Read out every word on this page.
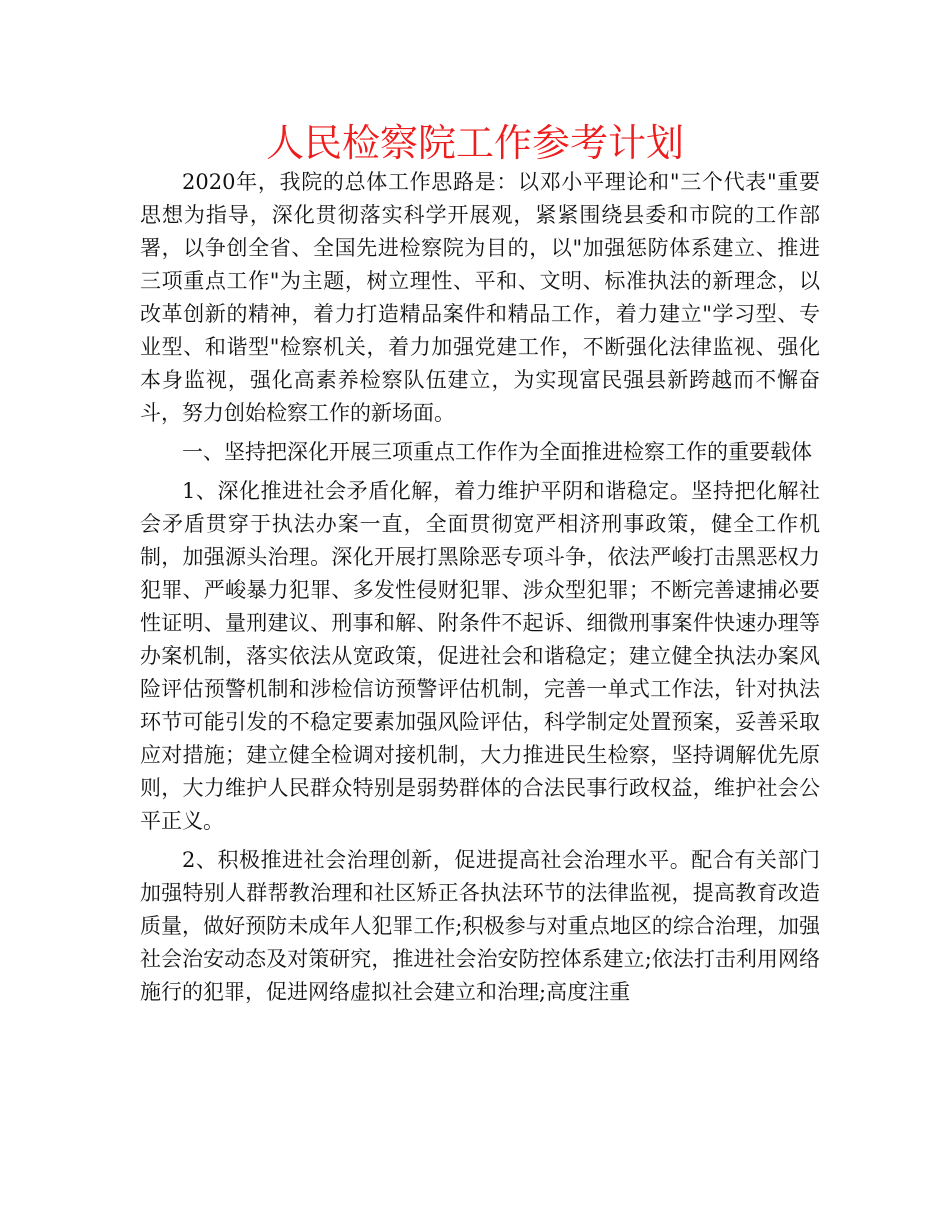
人民检察院工作参考计划

2020年，我院的总体工作思路是：以邓小平理论和"三个代表"重要思想为指导，深化贯彻落实科学开展观，紧紧围绕县委和市院的工作部署，以争创全省、全国先进检察院为目的，以"加强惩防体系建立、推进三项重点工作"为主题，树立理性、平和、文明、标准执法的新理念，以改革创新的精神，着力打造精品案件和精品工作，着力建立"学习型、专业型、和谐型"检察机关，着力加强党建工作，不断强化法律监视、强化本身监视，强化高素养检察队伍建立，为实现富民强县新跨越而不懈奋斗，努力创始检察工作的新场面。

一、坚持把深化开展三项重点工作作为全面推进检察工作的重要载体

1、深化推进社会矛盾化解，着力维护平阴和谐稳定。坚持把化解社会矛盾贯穿于执法办案一直，全面贯彻宽严相济刑事政策，健全工作机制，加强源头治理。深化开展打黑除恶专项斗争，依法严峻打击黑恶权力犯罪、严峻暴力犯罪、多发性侵财犯罪、涉众型犯罪；不断完善逮捕必要性证明、量刑建议、刑事和解、附条件不起诉、细微刑事案件快速办理等办案机制，落实依法从宽政策，促进社会和谐稳定；建立健全执法办案风险评估预警机制和涉检信访预警评估机制，完善一单式工作法，针对执法环节可能引发的不稳定要素加强风险评估，科学制定处置预案，妥善采取应对措施；建立健全检调对接机制，大力推进民生检察，坚持调解优先原则，大力维护人民群众特别是弱势群体的合法民事行政权益，维护社会公平正义。

2、积极推进社会治理创新，促进提高社会治理水平。配合有关部门加强特别人群帮教治理和社区矫正各执法环节的法律监视，提高教育改造质量，做好预防未成年人犯罪工作;积极参与对重点地区的综合治理，加强社会治安动态及对策研究，推进社会治安防控体系建立;依法打击利用网络施行的犯罪，促进网络虚拟社会建立和治理;高度注重
